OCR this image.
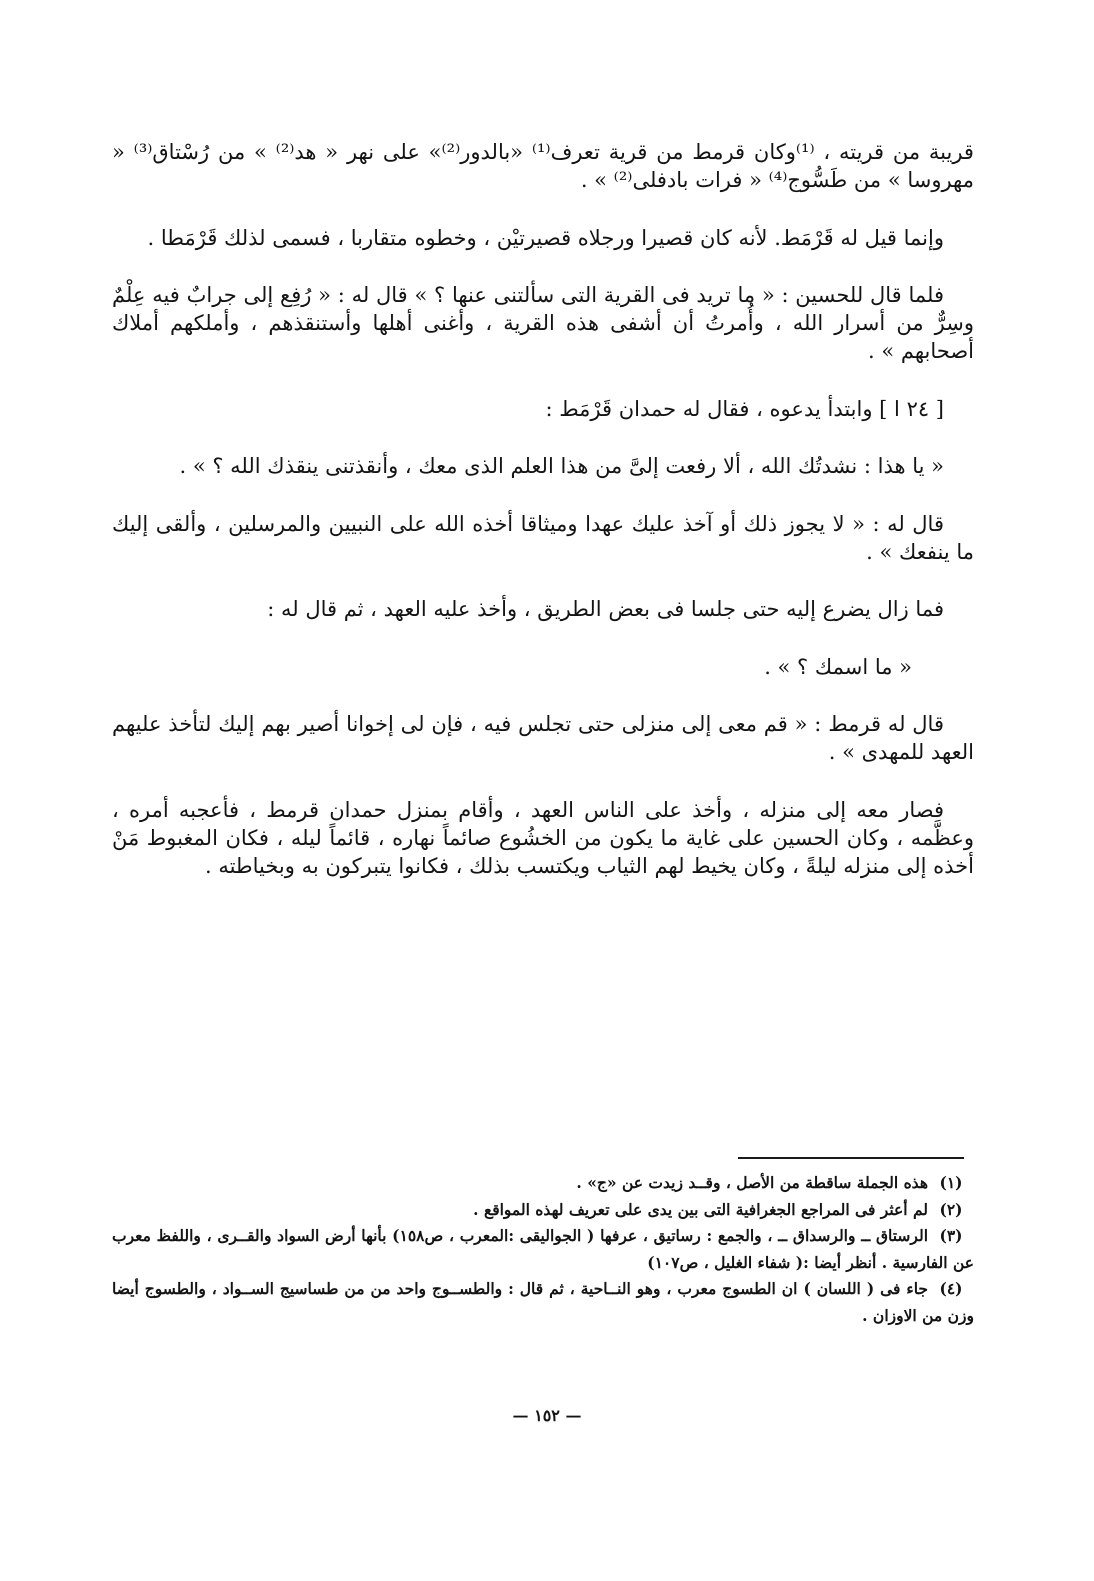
قريبة من قريته ، ⁽¹⁾وكان قرمط من قرية تعرف⁽¹⁾ «بالدور⁽²⁾» على نهر « هد⁽²⁾ » من رُسْتاق⁽³⁾ « مهروسا » من طَسُّوج⁽⁴⁾ « فرات بادفلى⁽²⁾ » .

وإنما قيل له قَرْمَط. لأنه كان قصيرا ورجلاه قصيرتيْن ، وخطوه متقاربا ، فسمى لذلك قَرْمَطا .

فلما قال للحسين : « ما تريد فى القرية التى سألتنى عنها ؟ » قال له : « رُفِع إلى جرابٌ فيه عِلْمٌ وسِرٌّ من أسرار الله ، وأُمرتُ أن أشفى هذه القرية ، وأغنى أهلها وأستنقذهم ، وأملكهم أملاك أصحابهم » .

[ ٢٤ ا ] وابتدأ يدعوه ، فقال له حمدان قَرْمَط :

« يا هذا : نشدتُك الله ، ألا رفعت إلىَّ من هذا العلم الذى معك ، وأنقذتنى ينقذك الله ؟ » .

قال له : « لا يجوز ذلك أو آخذ عليك عهدا وميثاقا أخذه الله على النبيين والمرسلين ، وألقى إليك ما ينفعك » .

فما زال يضرع إليه حتى جلسا فى بعض الطريق ، وأخذ عليه العهد ، ثم قال له :

« ما اسمك ؟ » .

قال له قرمط : « قم معى إلى منزلى حتى تجلس فيه ، فإن لى إخوانا أصير بهم إليك لتأخذ عليهم العهد للمهدى » .

فصار معه إلى منزله ، وأخذ على الناس العهد ، وأقام بمنزل حمدان قرمط ، فأعجبه أمره ، وعظَّمه ، وكان الحسين على غاية ما يكون من الخشُوع صائماً نهاره ، قائماً ليله ، فكان المغبوط مَنْ أخذه إلى منزله ليلةً ، وكان يخيط لهم الثياب ويكتسب بذلك ، فكانوا يتبركون به وبخياطته .

(١)هذه الجملة ساقطة من الأصل ، وقــد زيدت عن «ج» .

(٢)لم أعثر فى المراجع الجغرافية التى بين يدى على تعريف لهذه المواقع .

(٣)الرستاق ــ والرسداق ــ ، والجمع : رساتيق ، عرفها ( الجواليقى :المعرب ، ص١٥٨) بأنها أرض السواد والقــرى ، واللفظ معرب عن الفارسية . أنظر أيضا :( شفاء الغليل ، ص١٠٧)

(٤)جاء فى ( اللسان ) ان الطسوج معرب ، وهو النــاحية ، ثم قال : والطســوج واحد من من طساسيج الســواد ، والطسوج أيضا وزن من الاوزان .

— ١٥٢ —
